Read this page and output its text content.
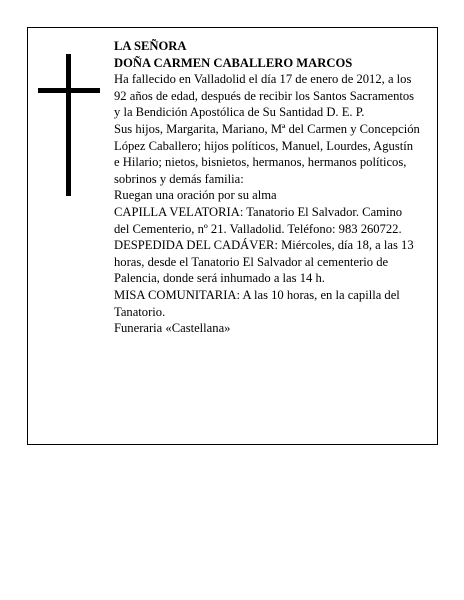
LA SEÑORA

DOÑA CARMEN CABALLERO MARCOS

Ha fallecido en Valladolid el día 17 de enero de 2012, a los 92 años de edad, después de recibir los Santos Sacramentos y la Bendición Apostólica de Su Santidad D. E. P.

Sus hijos, Margarita, Mariano, Mª del Carmen y Concepción López Caballero; hijos políticos, Manuel, Lourdes, Agustín e Hilario; nietos, bisnietos, hermanos, hermanos políticos, sobrinos y demás familia:

Ruegan una oración por su alma

CAPILLA VELATORIA: Tanatorio El Salvador. Camino del Cementerio, nº 21. Valladolid. Teléfono: 983 260722.

DESPEDIDA DEL CADÁVER: Miércoles, día 18, a las 13 horas, desde el Tanatorio El Salvador al cementerio de Palencia, donde será inhumado a las 14 h.

MISA COMUNITARIA: A las 10 horas, en la capilla del Tanatorio.

Funeraria «Castellana»
